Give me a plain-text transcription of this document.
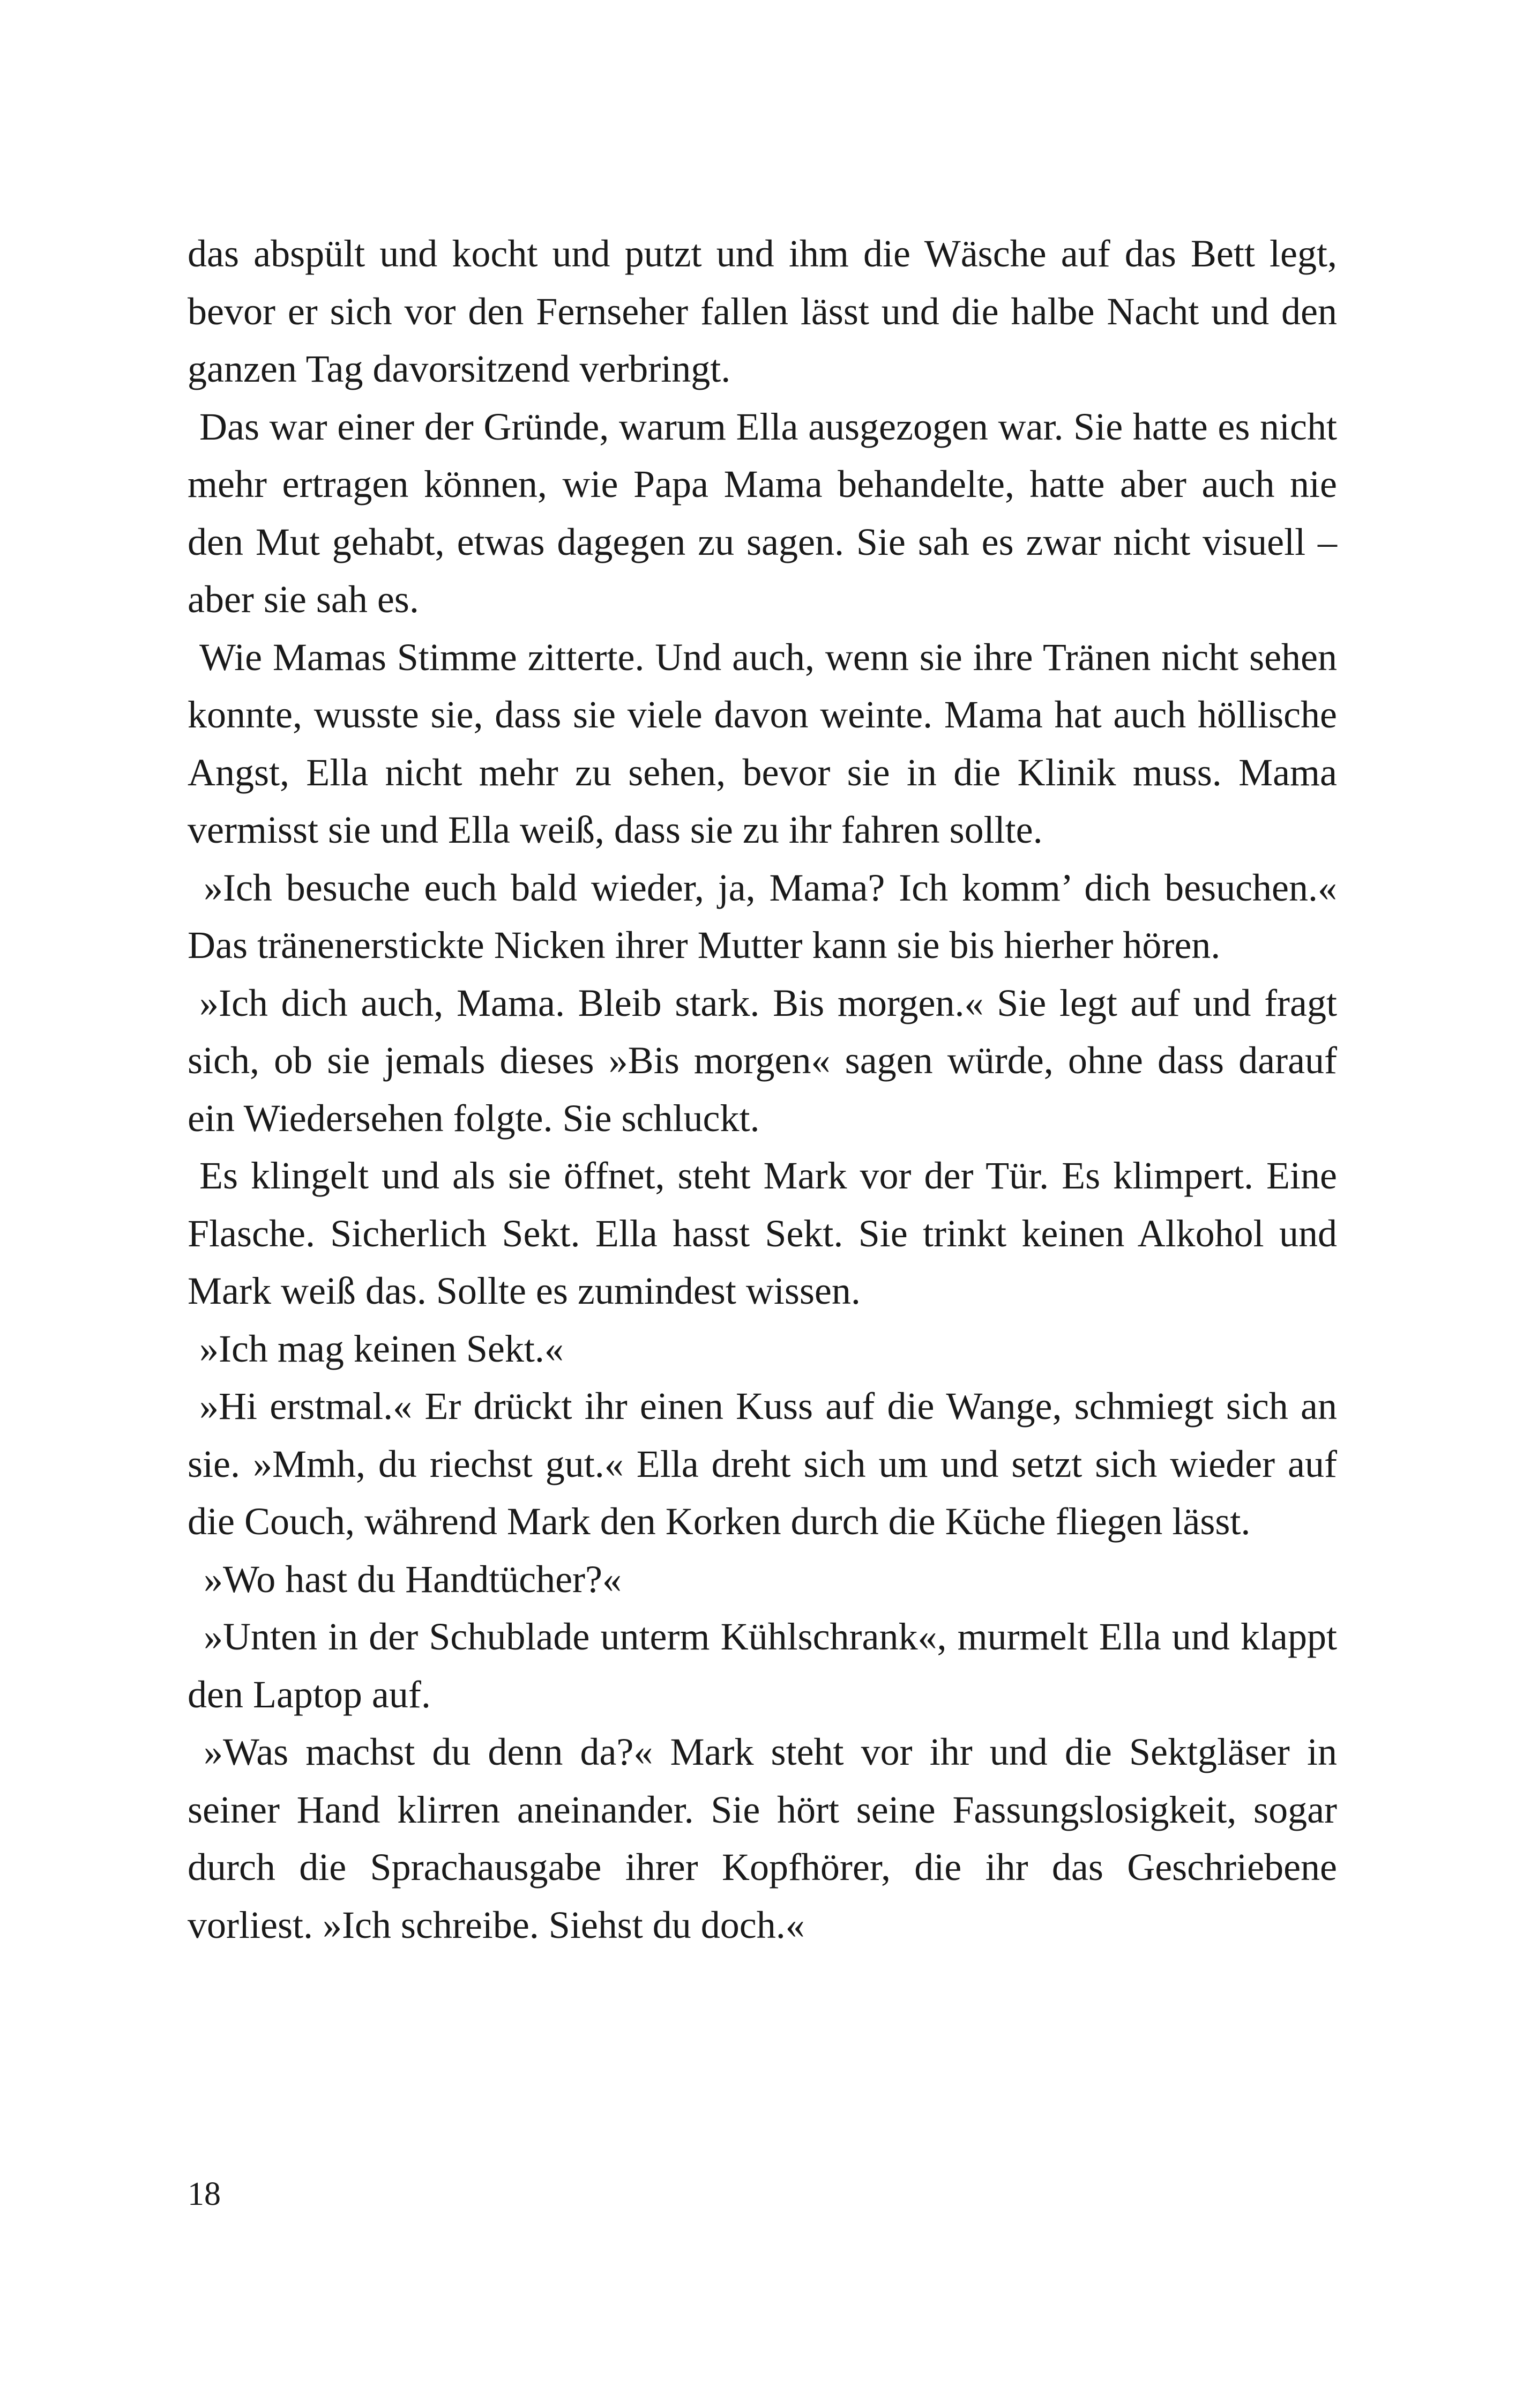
das abspült und kocht und putzt und ihm die Wäsche auf das Bett legt, bevor er sich vor den Fernseher fallen lässt und die halbe Nacht und den ganzen Tag davorsitzend verbringt.

Das war einer der Gründe, warum Ella ausgezogen war. Sie hatte es nicht mehr ertragen können, wie Papa Mama behandelte, hatte aber auch nie den Mut gehabt, etwas dagegen zu sagen. Sie sah es zwar nicht visuell – aber sie sah es.

Wie Mamas Stimme zitterte. Und auch, wenn sie ihre Tränen nicht sehen konnte, wusste sie, dass sie viele davon weinte. Mama hat auch höllische Angst, Ella nicht mehr zu sehen, bevor sie in die Klinik muss. Mama vermisst sie und Ella weiß, dass sie zu ihr fahren sollte.

»Ich besuche euch bald wieder, ja, Mama? Ich komm’ dich besuchen.« Das tränenerstickte Nicken ihrer Mutter kann sie bis hierher hören.

»Ich dich auch, Mama. Bleib stark. Bis morgen.« Sie legt auf und fragt sich, ob sie jemals dieses »Bis morgen« sagen würde, ohne dass darauf ein Wiedersehen folgte. Sie schluckt.

Es klingelt und als sie öffnet, steht Mark vor der Tür. Es klimpert. Eine Flasche. Sicherlich Sekt. Ella hasst Sekt. Sie trinkt keinen Alkohol und Mark weiß das. Sollte es zumindest wissen.

»Ich mag keinen Sekt.«

»Hi erstmal.« Er drückt ihr einen Kuss auf die Wange, schmiegt sich an sie. »Mmh, du riechst gut.« Ella dreht sich um und setzt sich wieder auf die Couch, während Mark den Korken durch die Küche fliegen lässt.

»Wo hast du Handtücher?«

»Unten in der Schublade unterm Kühlschrank«, murmelt Ella und klappt den Laptop auf.

»Was machst du denn da?« Mark steht vor ihr und die Sektgläser in seiner Hand klirren aneinander. Sie hört seine Fassungslosigkeit, sogar durch die Sprachausgabe ihrer Kopfhörer, die ihr das Geschriebene vorliest. »Ich schreibe. Siehst du doch.«

18
